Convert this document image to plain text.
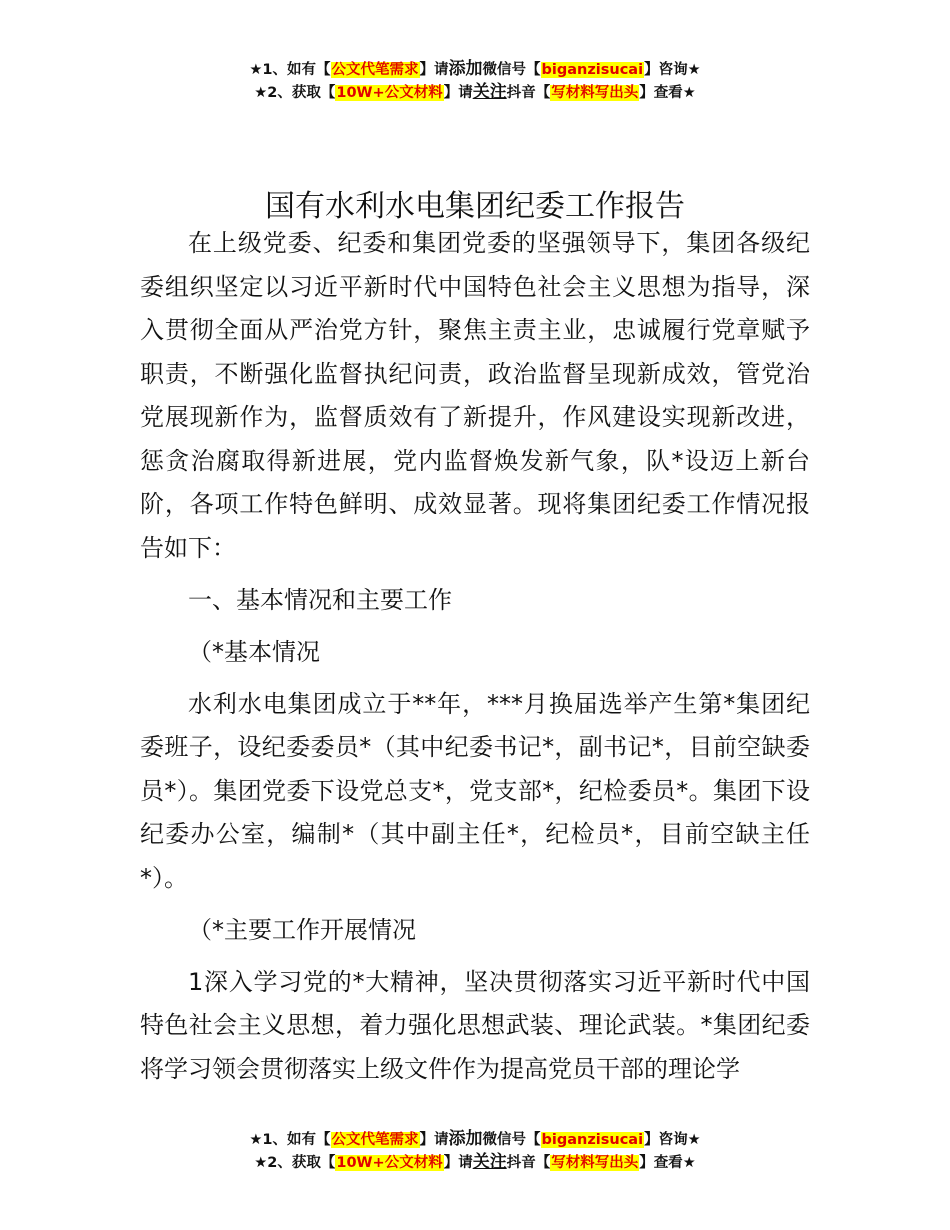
★1、如有【公文代笔需求】请添加微信号【biganzisucai】咨询★
★2、获取【10W+公文材料】请关注抖音【写材料写出头】查看★
国有水利水电集团纪委工作报告

在上级党委、纪委和集团党委的坚强领导下，集团各级纪委组织坚定以习近平新时代中国特色社会主义思想为指导，深入贯彻全面从严治党方针，聚焦主责主业，忠诚履行党章赋予职责，不断强化监督执纪问责，政治监督呈现新成效，管党治党展现新作为，监督质效有了新提升，作风建设实现新改进，惩贪治腐取得新进展，党内监督焕发新气象，队*设迈上新台阶，各项工作特色鲜明、成效显著。现将集团纪委工作情况报告如下：

一、基本情况和主要工作

（*基本情况

水利水电集团成立于**年，***月换届选举产生第*集团纪委班子，设纪委委员*（其中纪委书记*，副书记*，目前空缺委员*）。集团党委下设党总支*，党支部*，纪检委员*。集团下设纪委办公室，编制*（其中副主任*，纪检员*，目前空缺主任*）。

（*主要工作开展情况

1深入学习党的*大精神，坚决贯彻落实习近平新时代中国特色社会主义思想，着力强化思想武装、理论武装。*集团纪委将学习领会贯彻落实上级文件作为提高党员干部的理论学

★1、如有【公文代笔需求】请添加微信号【biganzisucai】咨询★
★2、获取【10W+公文材料】请关注抖音【写材料写出头】查看★
